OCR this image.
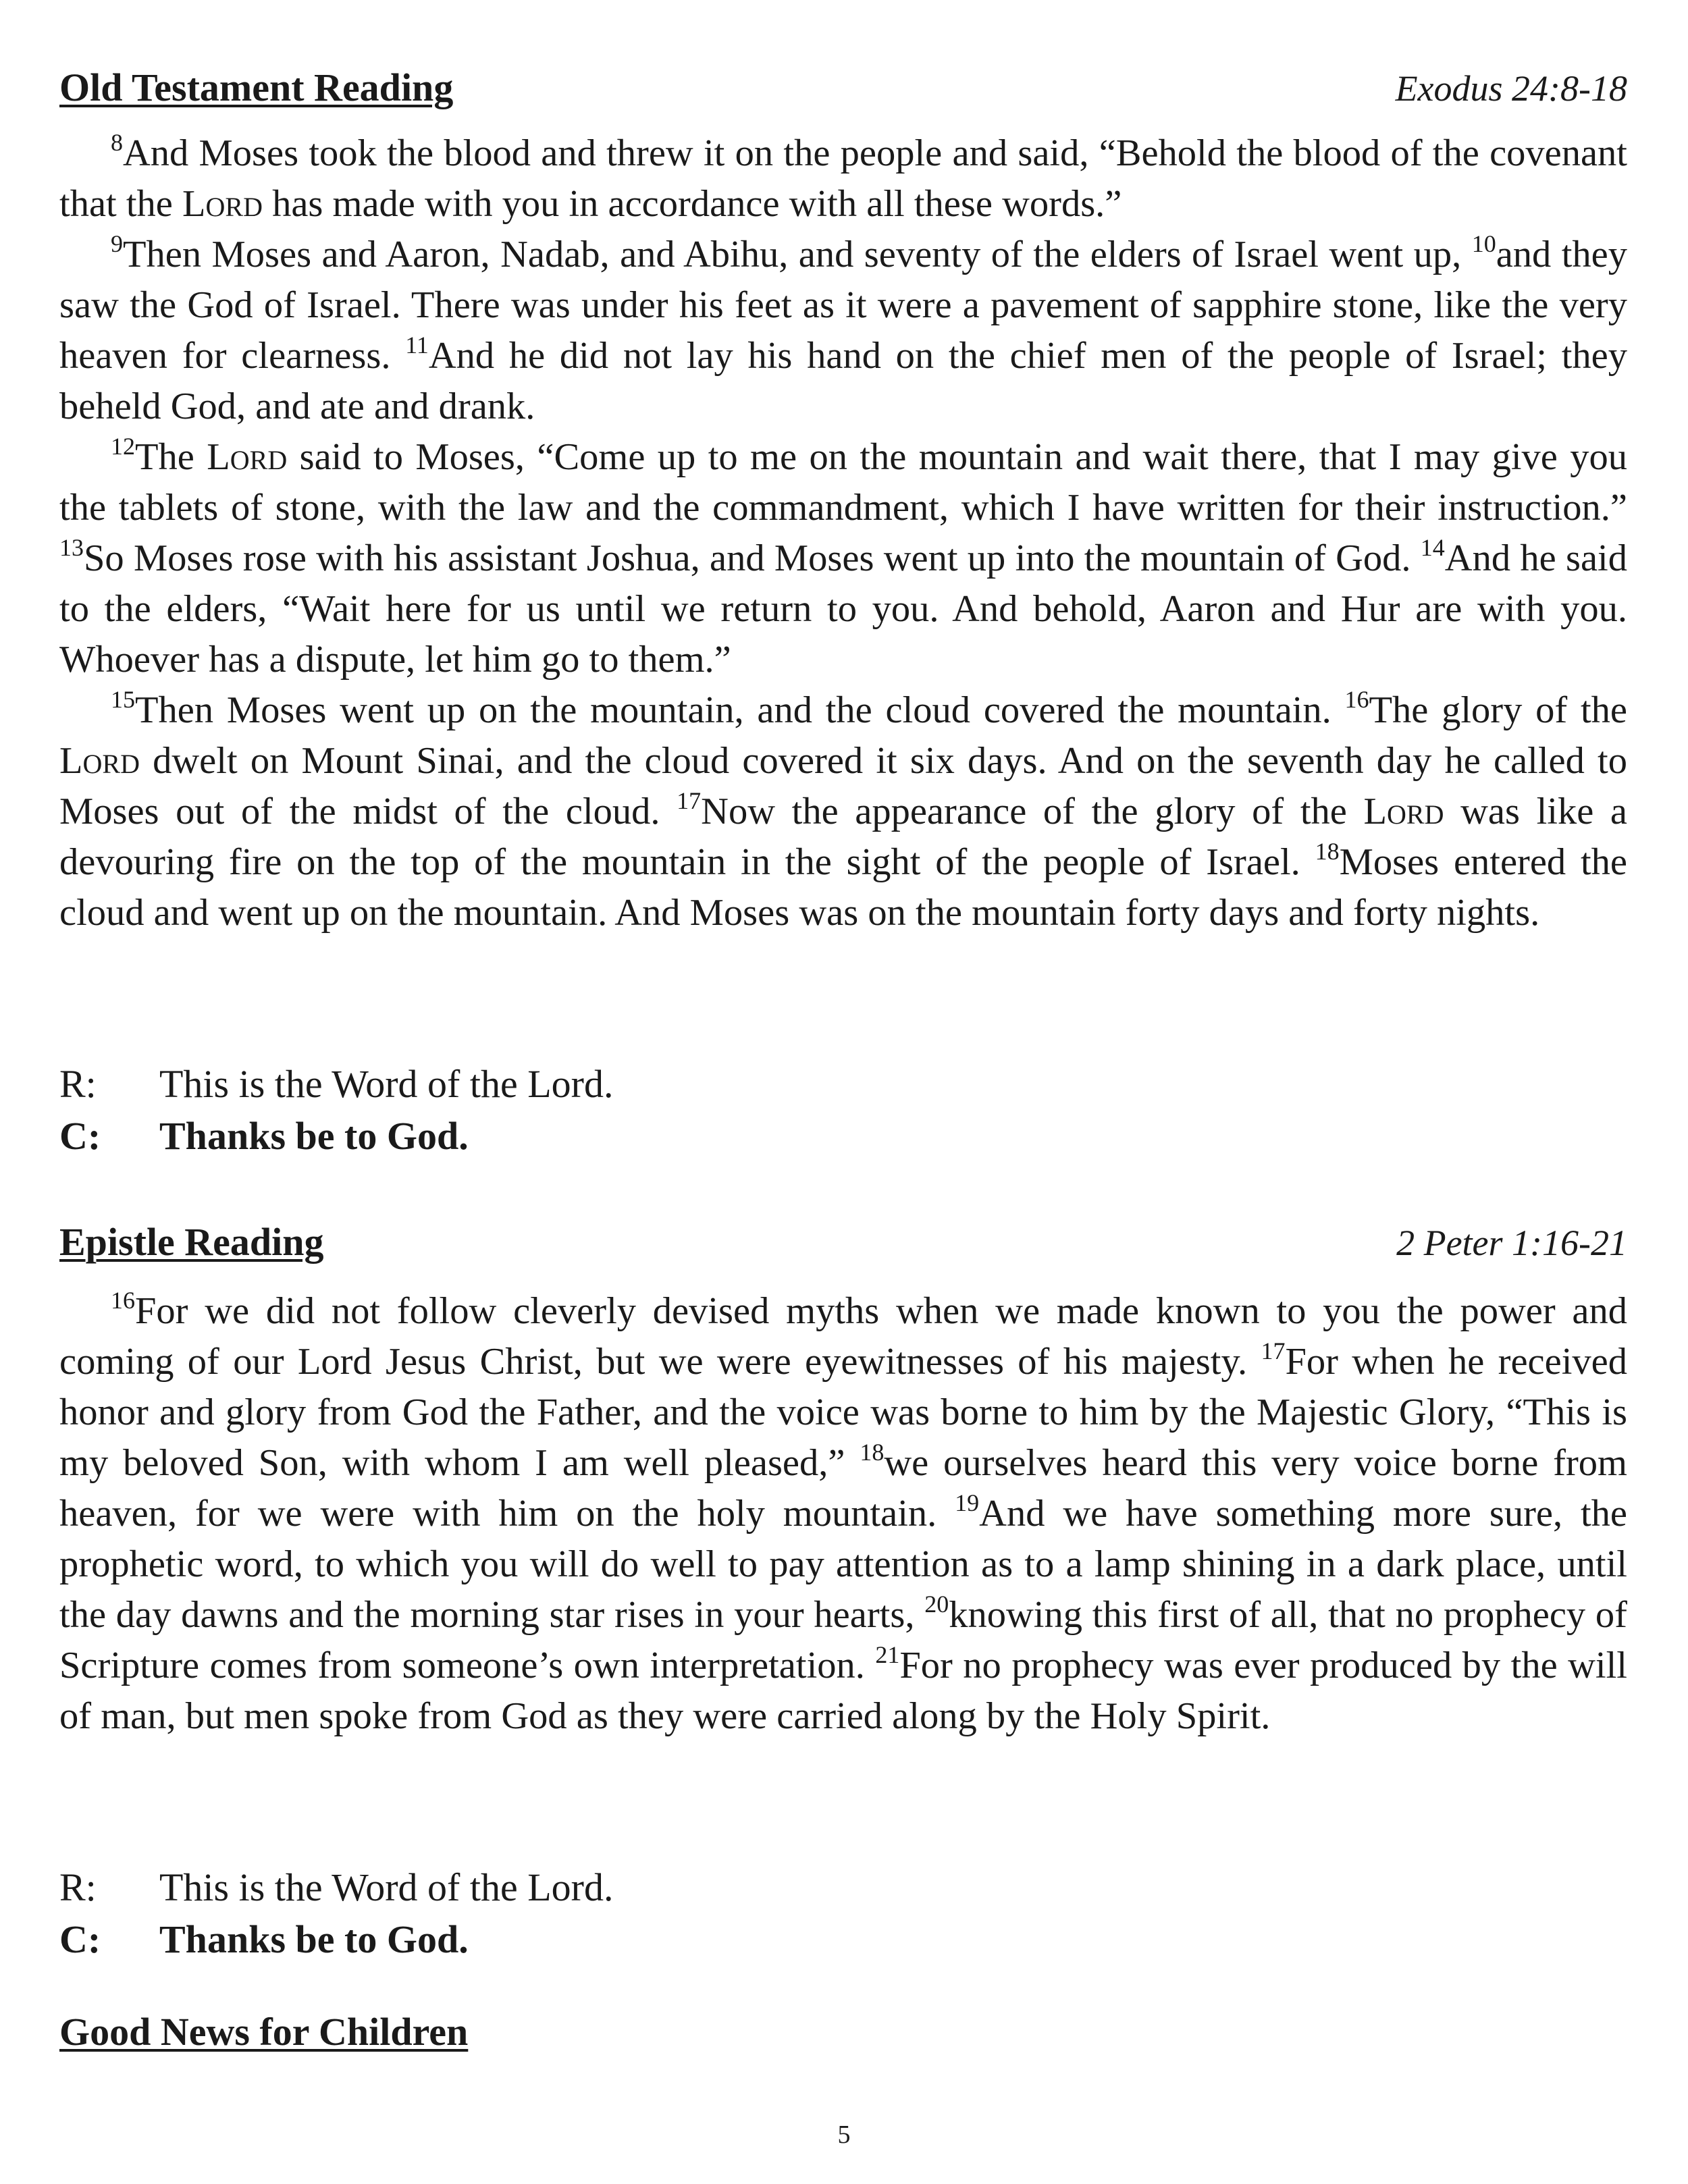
Old Testament Reading	Exodus 24:8-18

$^8$And Moses took the blood and threw it on the people and said, “Behold the blood of the covenant that the Lord has made with you in accordance with all these words.”

$^9$Then Moses and Aaron, Nadab, and Abihu, and seventy of the elders of Israel went up, $^{10}$and they saw the God of Israel. There was under his feet as it were a pavement of sapphire stone, like the very heaven for clearness. $^{11}$And he did not lay his hand on the chief men of the people of Israel; they beheld God, and ate and drank.

$^{12}$The Lord said to Moses, “Come up to me on the mountain and wait there, that I may give you the tablets of stone, with the law and the commandment, which I have written for their instruction.” $^{13}$So Moses rose with his assistant Joshua, and Moses went up into the mountain of God. $^{14}$And he said to the elders, “Wait here for us until we return to you. And behold, Aaron and Hur are with you. Whoever has a dispute, let him go to them.”

$^{15}$Then Moses went up on the mountain, and the cloud covered the mountain. $^{16}$The glory of the Lord dwelt on Mount Sinai, and the cloud covered it six days. And on the seventh day he called to Moses out of the midst of the cloud. $^{17}$Now the appearance of the glory of the Lord was like a devouring fire on the top of the mountain in the sight of the people of Israel. $^{18}$Moses entered the cloud and went up on the mountain. And Moses was on the mountain forty days and forty nights.

R:	This is the Word of the Lord.
C:	Thanks be to God.
Epistle Reading	2 Peter 1:16-21

$^{16}$For we did not follow cleverly devised myths when we made known to you the power and coming of our Lord Jesus Christ, but we were eyewitnesses of his majesty. $^{17}$For when he received honor and glory from God the Father, and the voice was borne to him by the Majestic Glory, “This is my beloved Son, with whom I am well pleased,” $^{18}$we ourselves heard this very voice borne from heaven, for we were with him on the holy mountain. $^{19}$And we have something more sure, the prophetic word, to which you will do well to pay attention as to a lamp shining in a dark place, until the day dawns and the morning star rises in your hearts, $^{20}$knowing this first of all, that no prophecy of Scripture comes from someone’s own interpretation. $^{21}$For no prophecy was ever produced by the will of man, but men spoke from God as they were carried along by the Holy Spirit.

R:	This is the Word of the Lord.
C:	Thanks be to God.
Good News for Children
5
